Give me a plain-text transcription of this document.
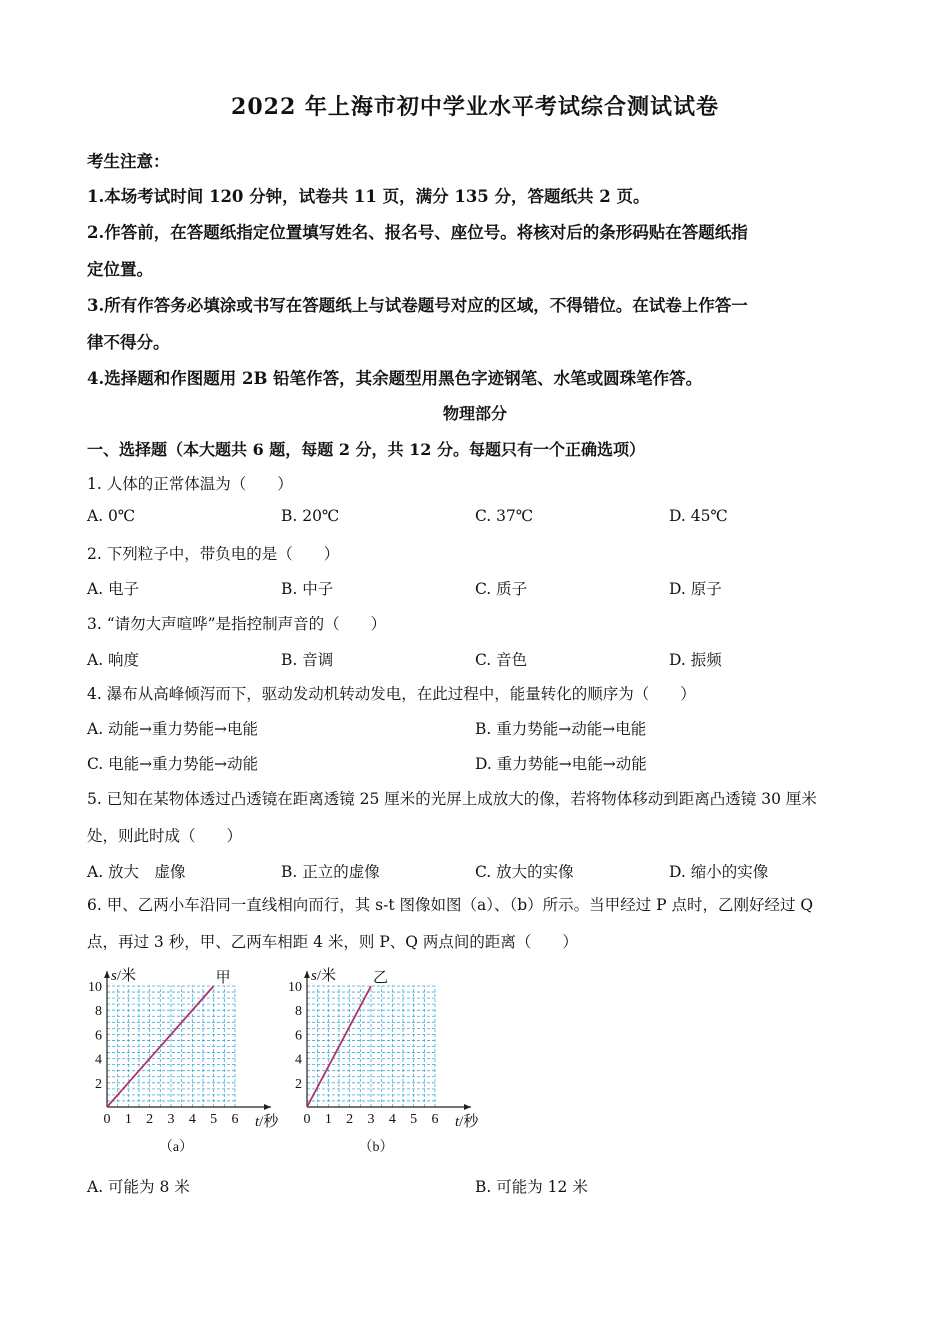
2022 年上海市初中学业水平考试综合测试试卷
考生注意：
1.本场考试时间 120 分钟，试卷共 11 页，满分 135 分，答题纸共 2 页。
2.作答前，在答题纸指定位置填写姓名、报名号、座位号。将核对后的条形码贴在答题纸指
定位置。
3.所有作答务必填涂或书写在答题纸上与试卷题号对应的区域，不得错位。在试卷上作答一
律不得分。
4.选择题和作图题用 2B 铅笔作答，其余题型用黑色字迹钢笔、水笔或圆珠笔作答。
物理部分
一、选择题（本大题共 6 题，每题 2 分，共 12 分。每题只有一个正确选项）
1. 人体的正常体温为（　　）
A. 0℃	B. 20℃	C. 37℃	D. 45℃
2. 下列粒子中，带负电的是（　　）
A. 电子	B. 中子	C. 质子	D. 原子
3. “请勿大声喧哗”是指控制声音的（　　）
A. 响度	B. 音调	C. 音色	D. 振频
4. 瀑布从高峰倾泻而下，驱动发动机转动发电，在此过程中，能量转化的顺序为（　　）
A. 动能→重力势能→电能	B. 重力势能→动能→电能
C. 电能→重力势能→动能	D. 重力势能→电能→动能
5. 已知在某物体透过凸透镜在距离透镜 25 厘米的光屏上成放大的像，若将物体移动到距离凸透镜 30 厘米
处，则此时成（　　）
A. 放大　虚像	B. 正立的虚像	C. 放大的实像	D. 缩小的实像
6. 甲、乙两小车沿同一直线相向而行，其 s-t 图像如图（a）、（b）所示。当甲经过 P 点时，乙刚好经过 Q
点，再过 3 秒，甲、乙两车相距 4 米，则 P、Q 两点间的距离（　　）
0 1 2 3 4 5 6
2
4
6
8
10
s/米
t/秒
甲
（a）
0 1 2 3 4 5 6
2
4
6
8
10
s/米
t/秒
乙
（b）
A. 可能为 8 米	B. 可能为 12 米
